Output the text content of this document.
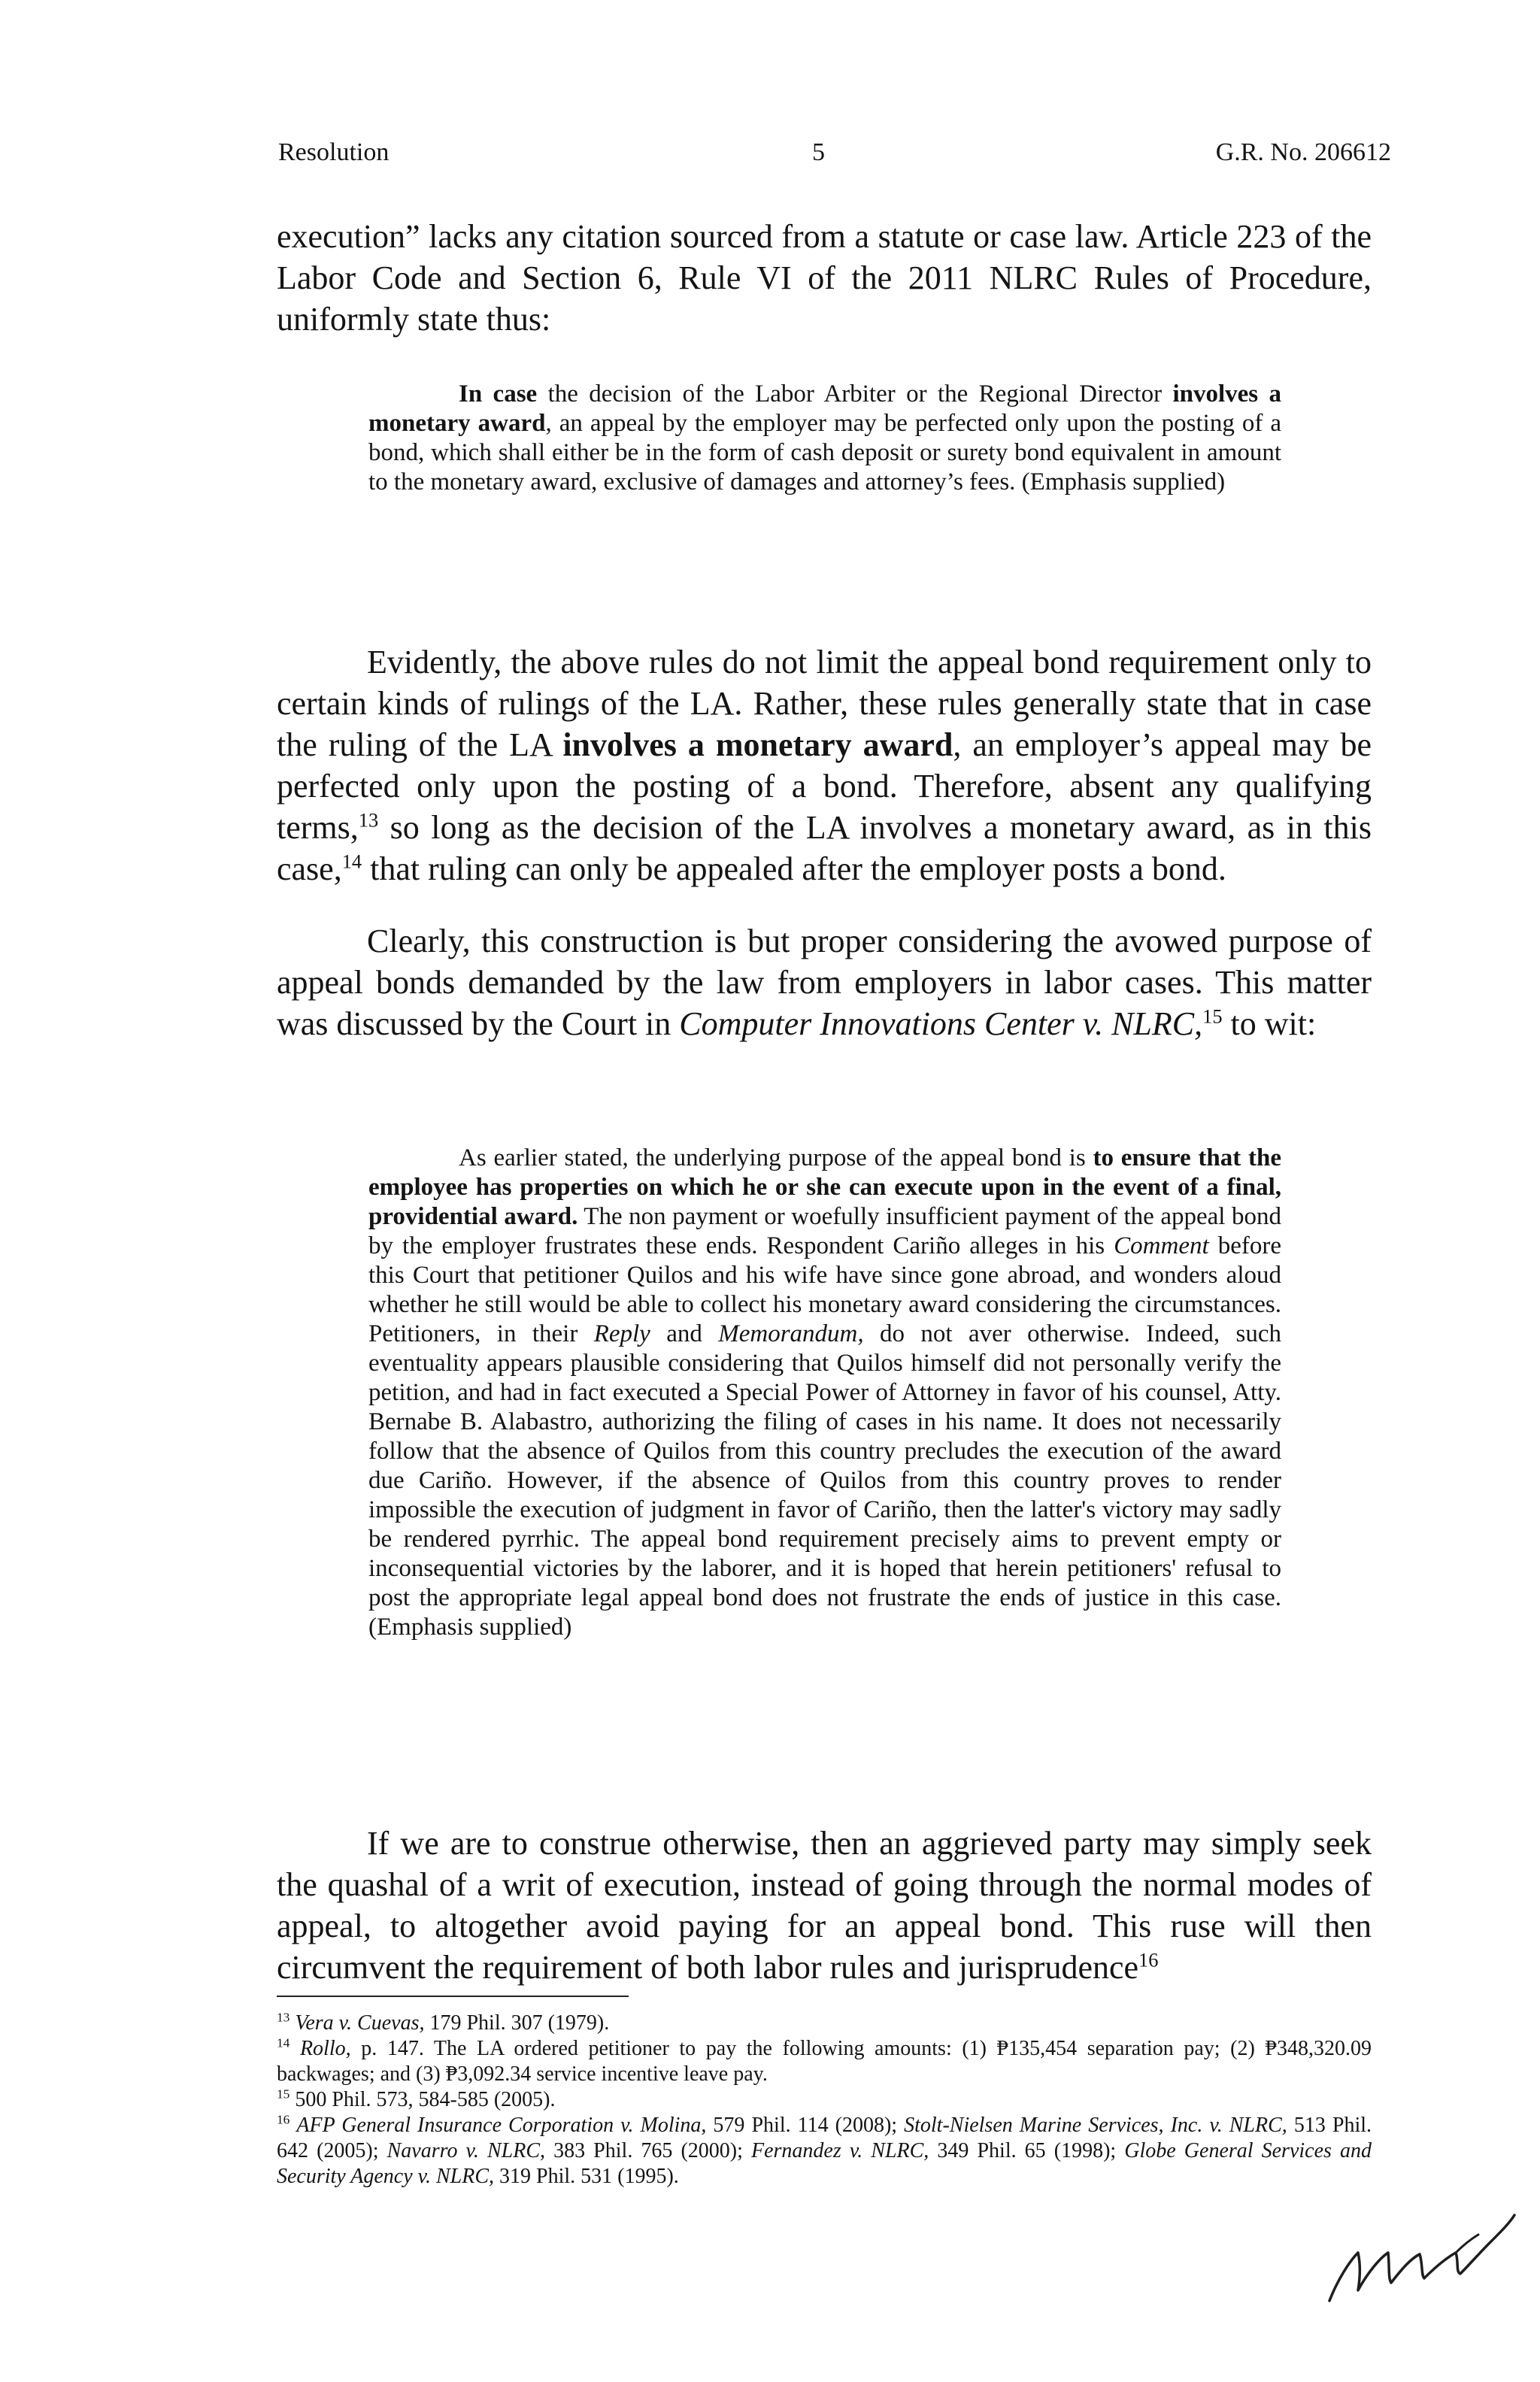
Resolution	5	G.R. No. 206612

execution” lacks any citation sourced from a statute or case law. Article 223 of the Labor Code and Section 6, Rule VI of the 2011 NLRC Rules of Procedure, uniformly state thus:

In case the decision of the Labor Arbiter or the Regional Director involves a monetary award, an appeal by the employer may be perfected only upon the posting of a bond, which shall either be in the form of cash deposit or surety bond equivalent in amount to the monetary award, exclusive of damages and attorney’s fees. (Emphasis supplied)

Evidently, the above rules do not limit the appeal bond requirement only to certain kinds of rulings of the LA. Rather, these rules generally state that in case the ruling of the LA involves a monetary award, an employer’s appeal may be perfected only upon the posting of a bond. Therefore, absent any qualifying terms,$^{13}$ so long as the decision of the LA involves a monetary award, as in this case,$^{14}$ that ruling can only be appealed after the employer posts a bond.

Clearly, this construction is but proper considering the avowed purpose of appeal bonds demanded by the law from employers in labor cases. This matter was discussed by the Court in Computer Innovations Center v. NLRC,$^{15}$ to wit:

As earlier stated, the underlying purpose of the appeal bond is to ensure that the employee has properties on which he or she can execute upon in the event of a final, providential award. The non payment or woefully insufficient payment of the appeal bond by the employer frustrates these ends. Respondent Cariño alleges in his Comment before this Court that petitioner Quilos and his wife have since gone abroad, and wonders aloud whether he still would be able to collect his monetary award considering the circumstances. Petitioners, in their Reply and Memorandum, do not aver otherwise. Indeed, such eventuality appears plausible considering that Quilos himself did not personally verify the petition, and had in fact executed a Special Power of Attorney in favor of his counsel, Atty. Bernabe B. Alabastro, authorizing the filing of cases in his name. It does not necessarily follow that the absence of Quilos from this country precludes the execution of the award due Cariño. However, if the absence of Quilos from this country proves to render impossible the execution of judgment in favor of Cariño, then the latter's victory may sadly be rendered pyrrhic. The appeal bond requirement precisely aims to prevent empty or inconsequential victories by the laborer, and it is hoped that herein petitioners' refusal to post the appropriate legal appeal bond does not frustrate the ends of justice in this case. (Emphasis supplied)

If we are to construe otherwise, then an aggrieved party may simply seek the quashal of a writ of execution, instead of going through the normal modes of appeal, to altogether avoid paying for an appeal bond. This ruse will then circumvent the requirement of both labor rules and jurisprudence$^{16}$

$^{13}$ Vera v. Cuevas, 179 Phil. 307 (1979).

$^{14}$ Rollo, p. 147. The LA ordered petitioner to pay the following amounts: (1) ₱135,454 separation pay; (2) ₱348,320.09 backwages; and (3) ₱3,092.34 service incentive leave pay.

$^{15}$ 500 Phil. 573, 584-585 (2005).

$^{16}$ AFP General Insurance Corporation v. Molina, 579 Phil. 114 (2008); Stolt-Nielsen Marine Services, Inc. v. NLRC, 513 Phil. 642 (2005); Navarro v. NLRC, 383 Phil. 765 (2000); Fernandez v. NLRC, 349 Phil. 65 (1998); Globe General Services and Security Agency v. NLRC, 319 Phil. 531 (1995).
